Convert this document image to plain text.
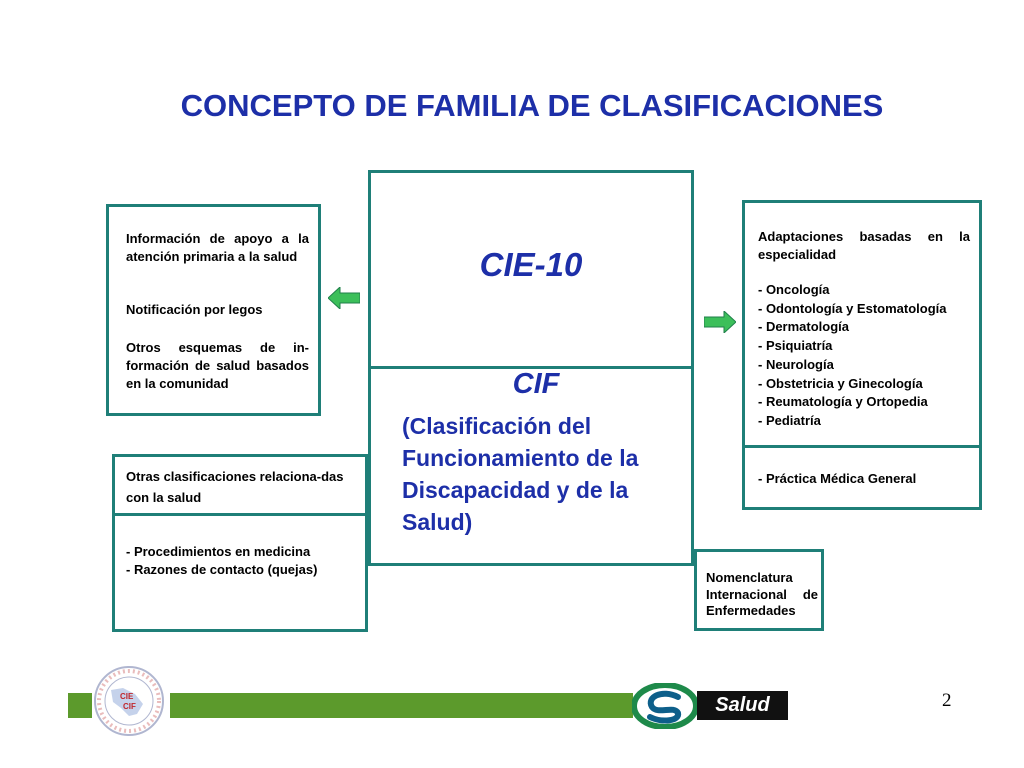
CONCEPTO DE FAMILIA DE CLASIFICACIONES
Información de apoyo a la atención primaria a la salud
Notificación por legos
Otros esquemas de in-formación de salud basados en la comunidad
Otras clasificaciones relaciona-das con la salud
- Procedimientos en medicina
- Razones de contacto (quejas)
CIE-10
CIF
(Clasificación del Funcionamiento de la Discapacidad y de la Salud)
Adaptaciones basadas en la especialidad
- Oncología
- Odontología y Estomatología
- Dermatología
- Psiquiatría
- Neurología
- Obstetricia y Ginecología
- Reumatología y Ortopedia
- Pediatría
- Práctica Médica General
Nomenclatura Internacional de Enfermedades
CIE
CIF	Salud	2
